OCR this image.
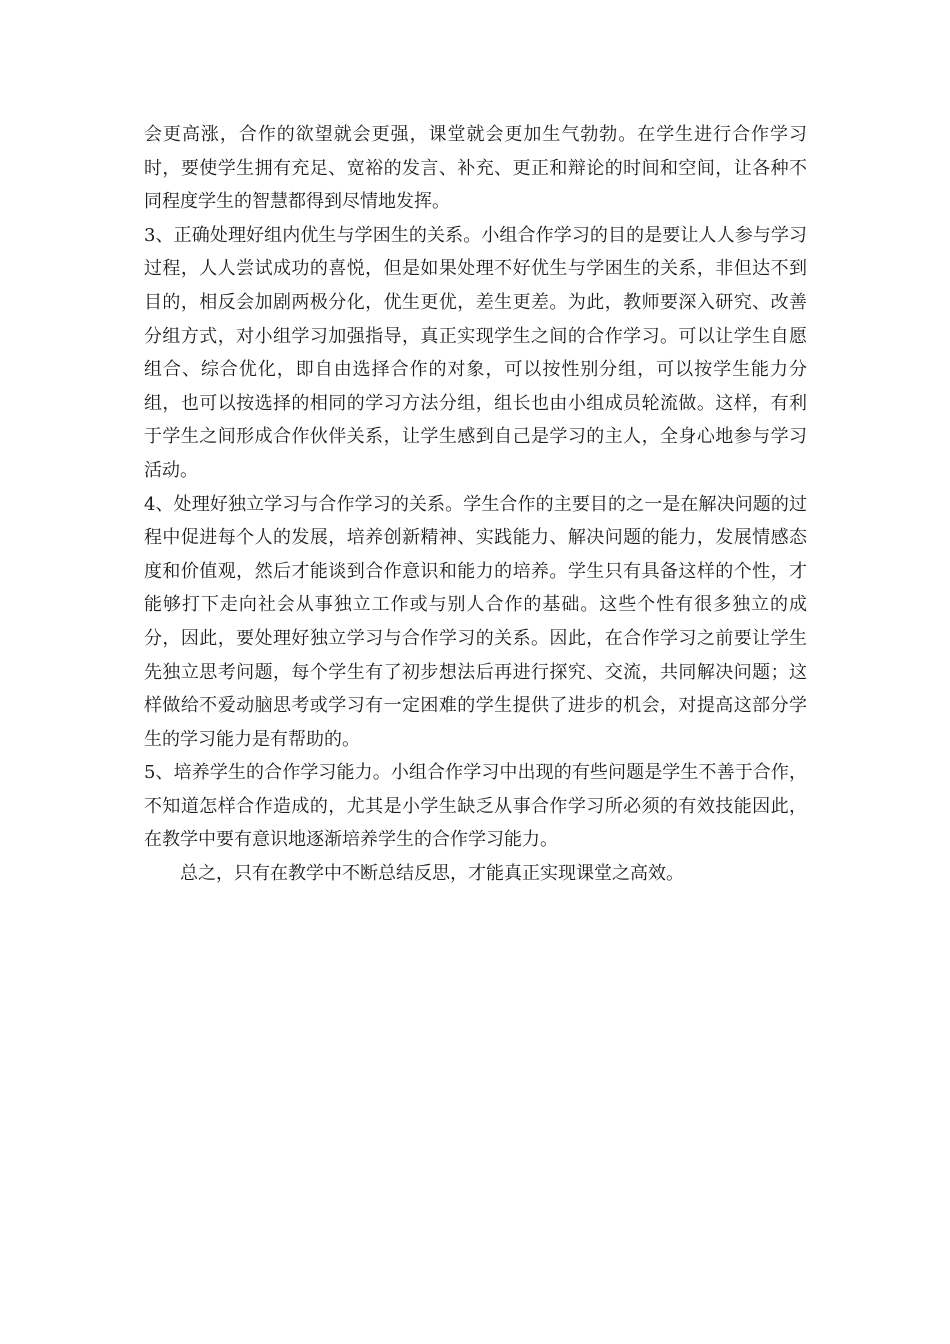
会更高涨，合作的欲望就会更强，课堂就会更加生气勃勃。在学生进行合作学习时，要使学生拥有充足、宽裕的发言、补充、更正和辩论的时间和空间，让各种不同程度学生的智慧都得到尽情地发挥。

3、正确处理好组内优生与学困生的关系。小组合作学习的目的是要让人人参与学习过程，人人尝试成功的喜悦，但是如果处理不好优生与学困生的关系，非但达不到目的，相反会加剧两极分化，优生更优，差生更差。为此，教师要深入研究、改善分组方式，对小组学习加强指导，真正实现学生之间的合作学习。可以让学生自愿组合、综合优化，即自由选择合作的对象，可以按性别分组，可以按学生能力分组，也可以按选择的相同的学习方法分组，组长也由小组成员轮流做。这样，有利于学生之间形成合作伙伴关系，让学生感到自己是学习的主人，全身心地参与学习活动。

4、处理好独立学习与合作学习的关系。学生合作的主要目的之一是在解决问题的过程中促进每个人的发展，培养创新精神、实践能力、解决问题的能力，发展情感态度和价值观，然后才能谈到合作意识和能力的培养。学生只有具备这样的个性，才能够打下走向社会从事独立工作或与别人合作的基础。这些个性有很多独立的成分，因此，要处理好独立学习与合作学习的关系。因此，在合作学习之前要让学生先独立思考问题，每个学生有了初步想法后再进行探究、交流，共同解决问题；这样做给不爱动脑思考或学习有一定困难的学生提供了进步的机会，对提高这部分学生的学习能力是有帮助的。

5、培养学生的合作学习能力。小组合作学习中出现的有些问题是学生不善于合作，不知道怎样合作造成的，尤其是小学生缺乏从事合作学习所必须的有效技能因此，在教学中要有意识地逐渐培养学生的合作学习能力。

总之，只有在教学中不断总结反思，才能真正实现课堂之高效。
